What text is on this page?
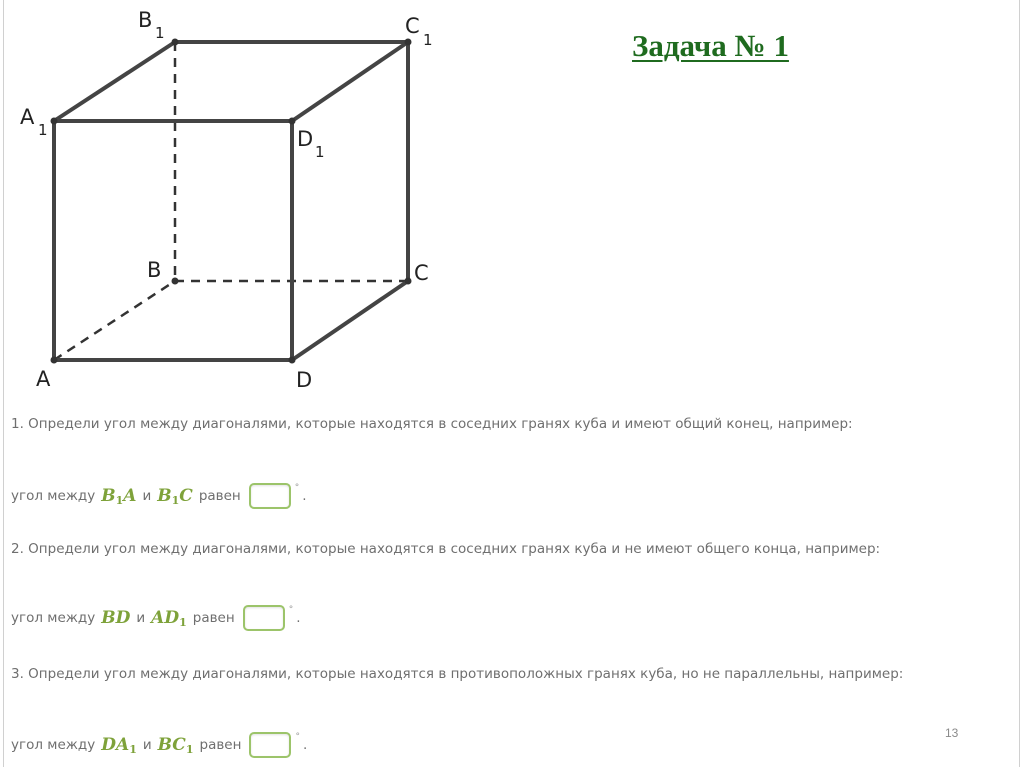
A
B	C
D
A
1
B
1	C
1
D
1
Задача № 1
1. Определи угол между диагоналями, которые находятся в соседних гранях куба и имеют общий конец, например:
угол между $B_1A$ и $B_1C$ равен	° .
2. Определи угол между диагоналями, которые находятся в соседних гранях куба и не имеют общего конца, например:
угол между BD и $AD_1$ равен	° .
3. Определи угол между диагоналями, которые находятся в противоположных гранях куба, но не параллельны, например:
угол между $DA_1$ и $BC_1$ равен	° .
13
